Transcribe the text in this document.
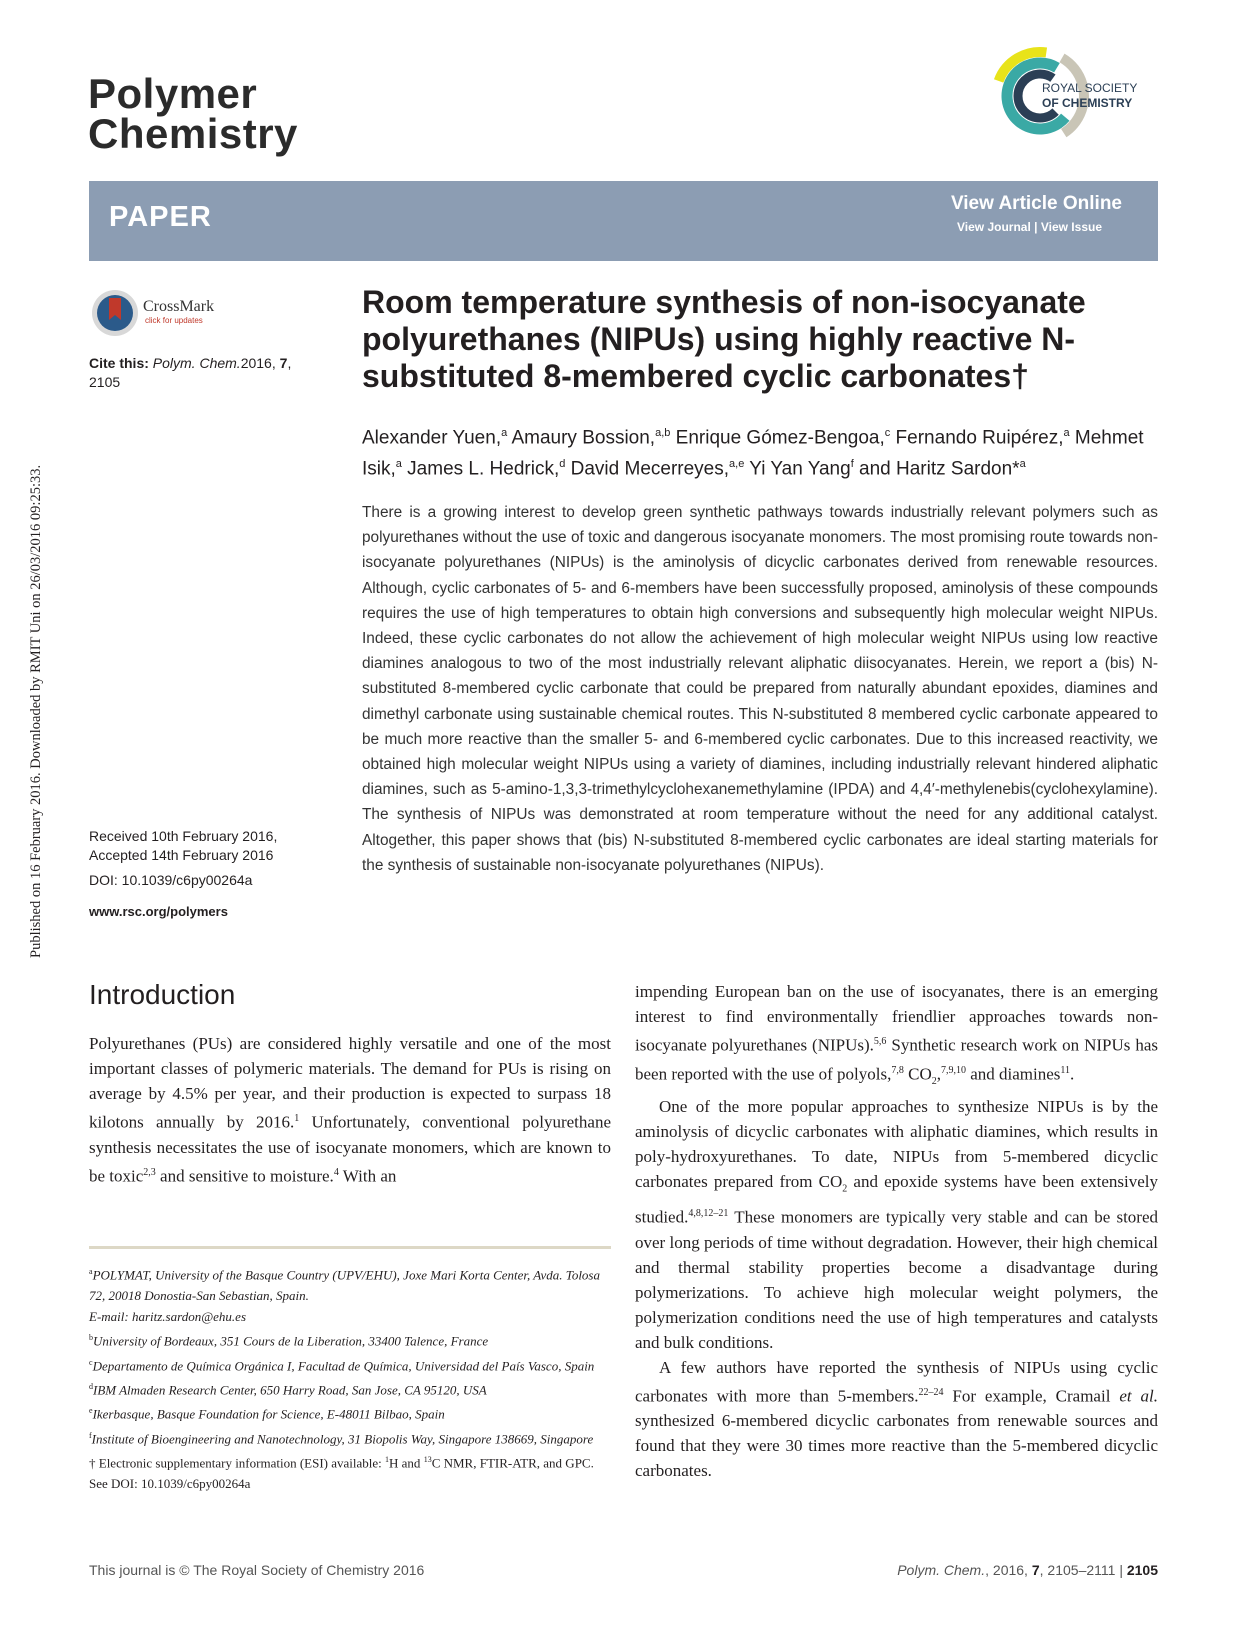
Polymer
Chemistry
ROYAL SOCIETY
OF CHEMISTRY
PAPER	View Article Online
View Journal | View Issue
CrossMark
click for updates
Cite this: Polym. Chem.2016, 7,
2105
Room temperature synthesis of non-isocyanate polyurethanes (NIPUs) using highly reactive N-substituted 8-membered cyclic carbonates†
Alexander Yuen,$^a$ Amaury Bossion,$^{a,b}$ Enrique Gómez-Bengoa,$^c$ Fernando Ruipérez,$^a$ Mehmet Isik,$^a$ James L. Hedrick,$^d$ David Mecerreyes,$^{a,e}$ Yi Yan Yang$^f$ and Haritz Sardon*$^a$
There is a growing interest to develop green synthetic pathways towards industrially relevant polymers such as polyurethanes without the use of toxic and dangerous isocyanate monomers. The most promising route towards non-isocyanate polyurethanes (NIPUs) is the aminolysis of dicyclic carbonates derived from renewable resources. Although, cyclic carbonates of 5- and 6-members have been successfully proposed, aminolysis of these compounds requires the use of high temperatures to obtain high conversions and subsequently high molecular weight NIPUs. Indeed, these cyclic carbonates do not allow the achievement of high molecular weight NIPUs using low reactive diamines analogous to two of the most industrially relevant aliphatic diisocyanates. Herein, we report a (bis) N-substituted 8-membered cyclic carbonate that could be prepared from naturally abundant epoxides, diamines and dimethyl carbonate using sustainable chemical routes. This N-substituted 8 membered cyclic carbonate appeared to be much more reactive than the smaller 5- and 6-membered cyclic carbonates. Due to this increased reactivity, we obtained high molecular weight NIPUs using a variety of diamines, including industrially relevant hindered aliphatic diamines, such as 5-amino-1,3,3-trimethylcyclohexanemethylamine (IPDA) and 4,4′-methylenebis(cyclohexylamine). The synthesis of NIPUs was demonstrated at room temperature without the need for any additional catalyst. Altogether, this paper shows that (bis) N-substituted 8-membered cyclic carbonates are ideal starting materials for the synthesis of sustainable non-isocyanate polyurethanes (NIPUs).
Received 10th February 2016,
Accepted 14th February 2016
DOI: 10.1039/c6py00264a
www.rsc.org/polymers
Published on 16 February 2016. Downloaded by RMIT Uni on 26/03/2016 09:25:33.
Introduction

Polyurethanes (PUs) are considered highly versatile and one of the most important classes of polymeric materials. The demand for PUs is rising on average by 4.5% per year, and their production is expected to surpass 18 kilotons annually by 2016.$^1$ Unfortunately, conventional polyurethane synthesis necessitates the use of isocyanate monomers, which are known to be toxic$^{2,3}$ and sensitive to moisture.$^4$ With an

impending European ban on the use of isocyanates, there is an emerging interest to find environmentally friendlier approaches towards non-isocyanate polyurethanes (NIPUs).$^{5,6}$ Synthetic research work on NIPUs has been reported with the use of polyols,$^{7,8}$ $CO_2,^{7,9,10}$ and diamines$^{11}$.

One of the more popular approaches to synthesize NIPUs is by the aminolysis of dicyclic carbonates with aliphatic diamines, which results in poly-hydroxyurethanes. To date, NIPUs from 5-membered dicyclic carbonates prepared from $CO_2$ and epoxide systems have been extensively studied.$^{4,8,12-21}$ These monomers are typically very stable and can be stored over long periods of time without degradation. However, their high chemical and thermal stability properties become a disadvantage during polymerizations. To achieve high molecular weight polymers, the polymerization conditions need the use of high temperatures and catalysts and bulk conditions.

A few authors have reported the synthesis of NIPUs using cyclic carbonates with more than 5-members.$^{22-24}$ For example, Cramail et al. synthesized 6-membered dicyclic carbonates from renewable sources and found that they were 30 times more reactive than the 5-membered dicyclic carbonates.

$^a$POLYMAT, University of the Basque Country (UPV/EHU), Joxe Mari Korta Center, Avda. Tolosa 72, 20018 Donostia-San Sebastian, Spain.
E-mail: haritz.sardon@ehu.es
$^b$University of Bordeaux, 351 Cours de la Liberation, 33400 Talence, France
$^c$Departamento de Química Orgánica I, Facultad de Química, Universidad del País Vasco, Spain
$^d$IBM Almaden Research Center, 650 Harry Road, San Jose, CA 95120, USA
$^e$Ikerbasque, Basque Foundation for Science, E-48011 Bilbao, Spain
$^f$Institute of Bioengineering and Nanotechnology, 31 Biopolis Way, Singapore 138669, Singapore
† Electronic supplementary information (ESI) available: $^1$H and $^{13}$C NMR, FTIR-ATR, and GPC. See DOI: 10.1039/c6py00264a
This journal is © The Royal Society of Chemistry 2016	Polym. Chem., 2016, 7, 2105–2111 | 2105
